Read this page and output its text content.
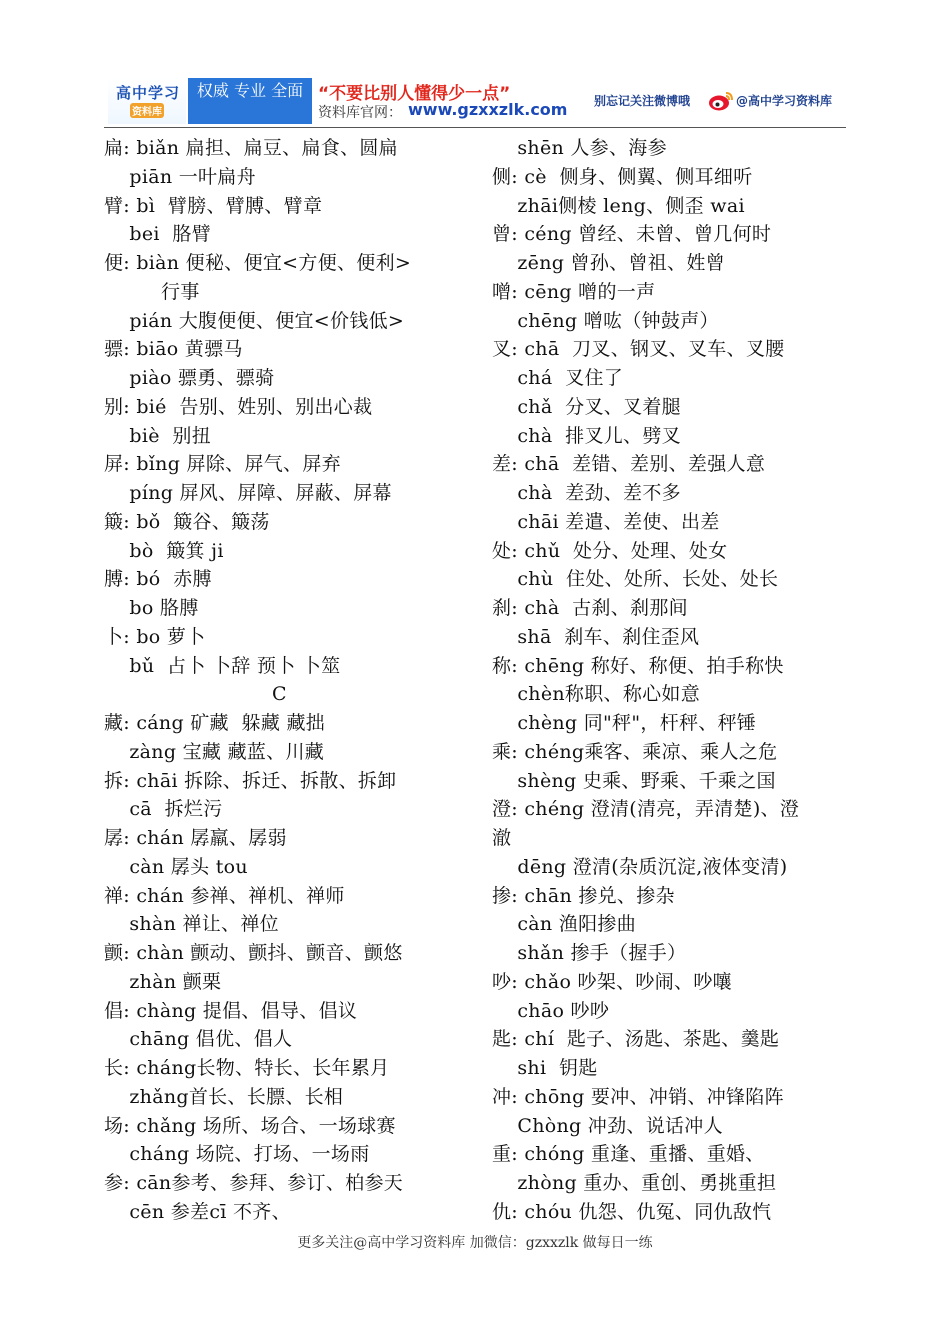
高中学习
资料库
权威 专业 全面 “不要比别人懂得少一点”
资料库官网： www.gzxxzlk.com 别忘记关注微博哦	@高中学习资料库
扁: biǎn 扁担、扁豆、扁食、圆扁
piān 一叶扁舟
臂: bì  臂膀、臂膊、臂章
bei  胳臂
便: biàn 便秘、便宜<方便、便利>
行事
pián 大腹便便、便宜<价钱低>
骠: biāo 黄骠马
piào 骠勇、骠骑
别: bié  告别、姓别、别出心裁
biè  别扭
屏: bǐng 屏除、屏气、屏弃
píng 屏风、屏障、屏蔽、屏幕
簸: bǒ  簸谷、簸荡
bò  簸箕 ji
膊: bó  赤膊
bo 胳膊
卜: bo 萝卜
bǔ  占卜 卜辞 预卜 卜筮
藏: cáng 矿藏  躲藏 藏拙
zàng 宝藏 藏蓝、川藏
拆: chāi 拆除、拆迁、拆散、拆卸
cā  拆烂污
孱: chán 孱羸、孱弱
càn 孱头 tou
禅: chán 参禅、禅机、禅师
shàn 禅让、禅位
颤: chàn 颤动、颤抖、颤音、颤悠
zhàn 颤栗
倡: chàng 提倡、倡导、倡议
chāng 倡优、倡人
长: cháng长物、特长、长年累月
zhǎng首长、长膘、长相
场: chǎng 场所、场合、一场球赛
cháng 场院、打场、一场雨
参: cān参考、参拜、参订、柏参天
cēn 参差cī 不齐、
C
shēn 人参、海参
侧: cè  侧身、侧翼、侧耳细听
zhāi侧棱 leng、侧歪 wai
曾: céng 曾经、未曾、曾几何时
zēng 曾孙、曾祖、姓曾
噌: cēng 噌的一声
chēng 噌吰（钟鼓声）
叉: chā  刀叉、钢叉、叉车、叉腰
chá  叉住了
chǎ  分叉、叉着腿
chà  排叉儿、劈叉
差: chā  差错、差别、差强人意
chà  差劲、差不多
chāi 差遣、差使、出差
处: chǔ  处分、处理、处女
chù  住处、处所、长处、处长
刹: chà  古刹、刹那间
shā  刹车、刹住歪风
称: chēng 称好、称便、拍手称快
chèn称职、称心如意
chèng 同"秤"，杆秤、秤锤
乘: chéng乘客、乘凉、乘人之危
shèng 史乘、野乘、千乘之国
澄: chéng 澄清(清亮，弄清楚)、澄
澈
dēng 澄清(杂质沉淀,液体变清)
掺: chān 掺兑、掺杂
càn 渔阳掺曲
shǎn 掺手（握手）
吵: chǎo 吵架、吵闹、吵嚷
chāo 吵吵
匙: chí  匙子、汤匙、茶匙、羹匙
shi  钥匙
冲: chōng 要冲、冲销、冲锋陷阵
Chòng 冲劲、说话冲人
重: chóng 重逢、重播、重婚、
zhòng 重办、重创、勇挑重担
仇: chóu 仇怨、仇冤、同仇敌忾
更多关注@高中学习资料库 加微信：gzxxzlk 做每日一练
